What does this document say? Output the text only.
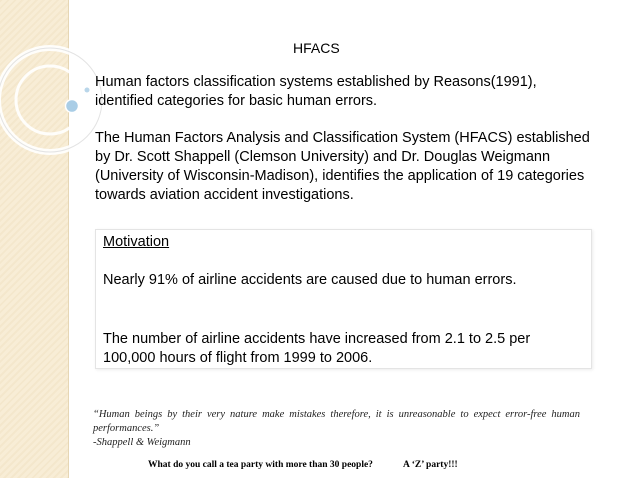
HFACS
Human factors classification systems established by Reasons(1991), identified categories for basic human errors.
The Human Factors Analysis and Classification System (HFACS) established by Dr. Scott Shappell (Clemson University) and Dr. Douglas Weigmann (University of Wisconsin-Madison), identifies the application of 19 categories towards aviation accident investigations.
Motivation
Nearly 91% of airline accidents are caused due to human errors.
The number of airline accidents have increased from 2.1 to 2.5 per 100,000 hours of flight from 1999 to 2006.
“Human beings by their very nature make mistakes therefore, it is unreasonable to expect error-free human performances.”
-Shappell & Weigmann
What do you call a tea party with more than 30 people?	A ‘Z’ party!!!
